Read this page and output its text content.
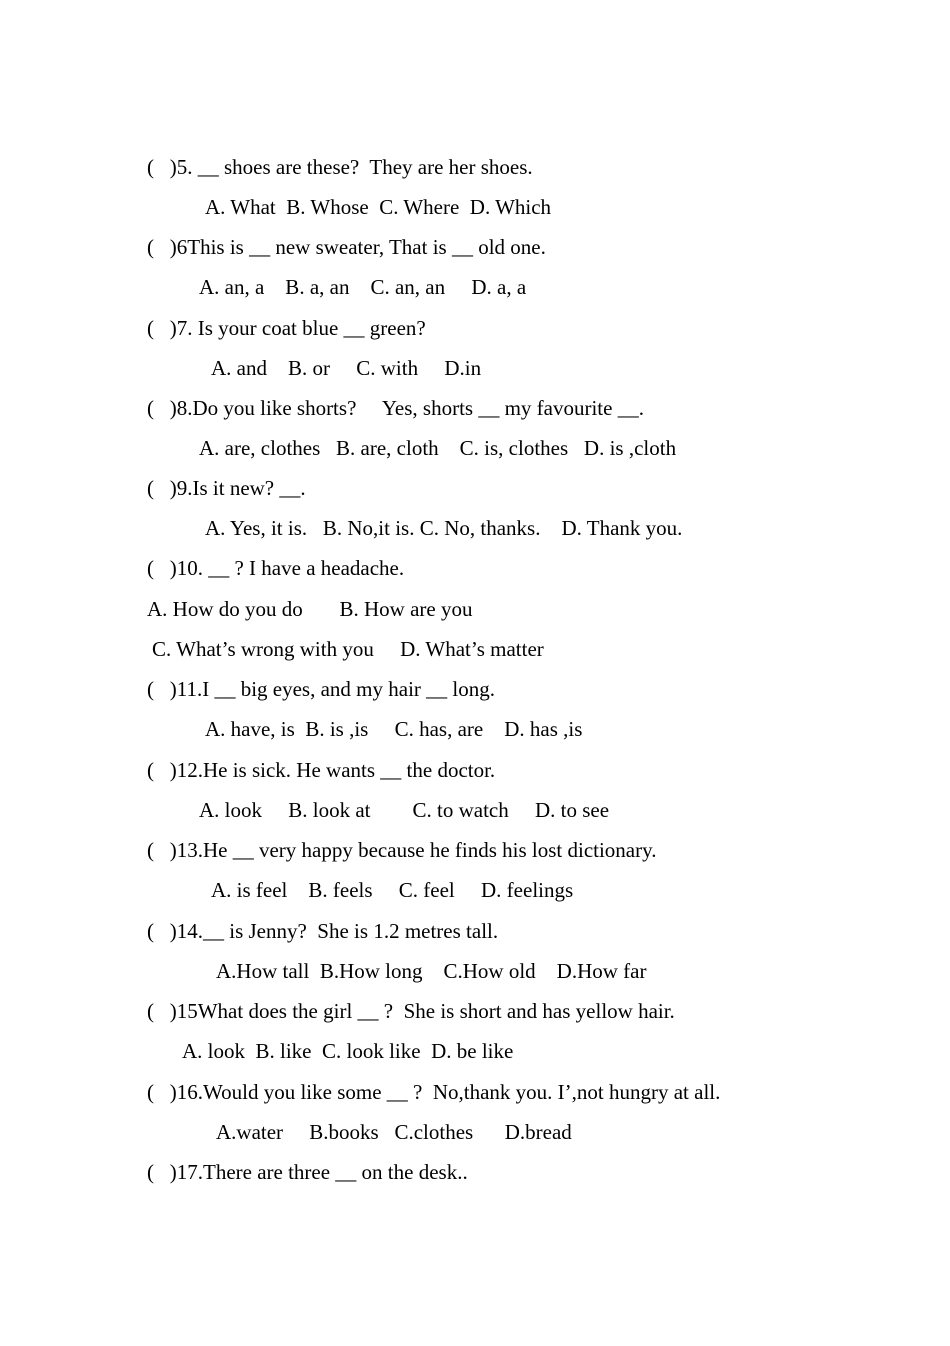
(   )5. __ shoes are these?  They are her shoes.

A. What  B. Whose  C. Where  D. Which

(   )6This is __ new sweater, That is __ old one.

A. an, a    B. a, an    C. an, an     D. a, a

(   )7. Is your coat blue __ green?

A. and    B. or     C. with     D.in

(   )8.Do you like shorts?     Yes, shorts __ my favourite __.

A. are, clothes   B. are, cloth    C. is, clothes   D. is ,cloth

(   )9.Is it new? __.

A. Yes, it is.   B. No,it is. C. No, thanks.    D. Thank you.

(   )10. __ ? I have a headache.

A. How do you do       B. How are you

C. What’s wrong with you     D. What’s matter

(   )11.I __ big eyes, and my hair __ long.

A. have, is  B. is ,is     C. has, are    D. has ,is

(   )12.He is sick. He wants __ the doctor.

A. look     B. look at        C. to watch     D. to see

(   )13.He __ very happy because he finds his lost dictionary.

A. is feel    B. feels     C. feel     D. feelings

(   )14.__ is Jenny?  She is 1.2 metres tall.

A.How tall  B.How long    C.How old    D.How far

(   )15What does the girl __ ?  She is short and has yellow hair.

A. look  B. like  C. look like  D. be like

(   )16.Would you like some __ ?  No,thank you. I’,not hungry at all.

A.water     B.books   C.clothes      D.bread

(   )17.There are three __ on the desk..
